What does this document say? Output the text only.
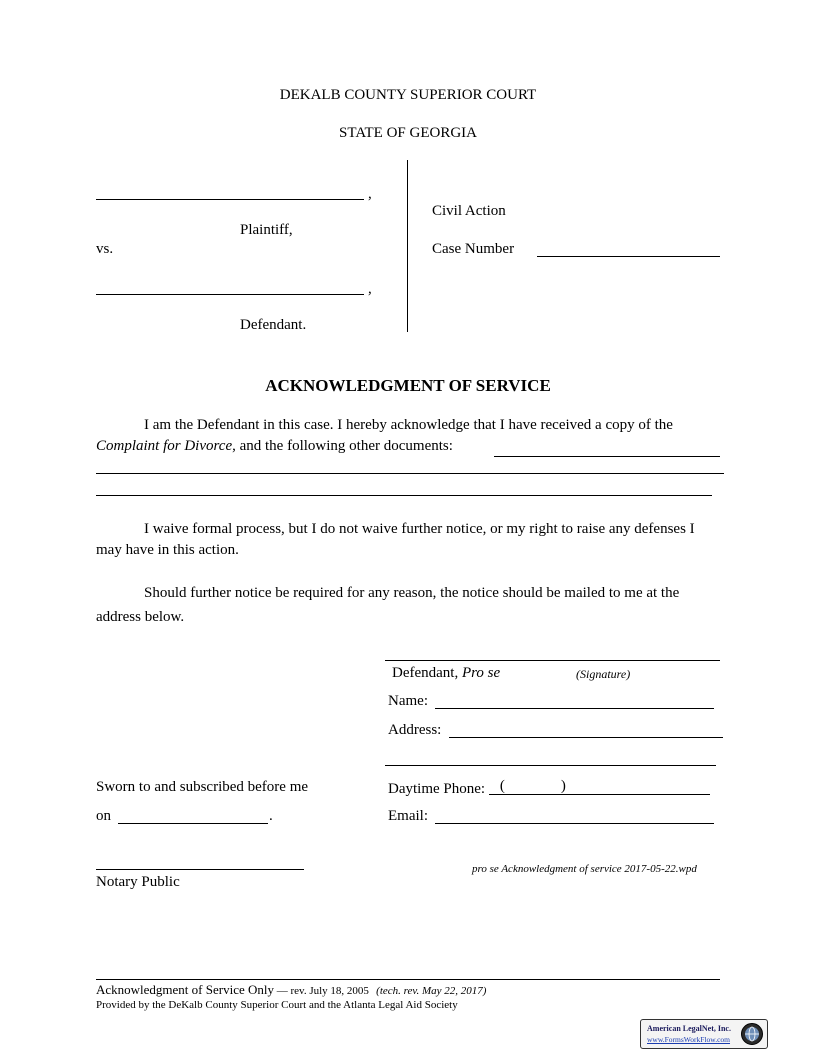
DEKALB COUNTY SUPERIOR COURT
STATE OF GEORGIA
,
Plaintiff,
vs.
,
Defendant.
Civil Action
Case Number
ACKNOWLEDGMENT OF SERVICE
I am the Defendant in this case. I hereby acknowledge that I have received a copy of the Complaint for Divorce, and the following other documents:
I waive formal process, but I do not waive further notice, or my right to raise any defenses I may have in this action.
Should further notice be required for any reason, the notice should be mailed to me at the address below.
Defendant, Pro se	(Signature)
Name:
Address:
Daytime Phone: (	)
Email:
Sworn to and subscribed before me
on	.
Notary Public
pro se Acknowledgment of service 2017-05-22.wpd
Acknowledgment of Service Only — rev. July 18, 2005 (tech. rev. May 22, 2017)
Provided by the DeKalb County Superior Court and the Atlanta Legal Aid Society
American LegalNet, Inc.
www.FormsWorkFlow.com
